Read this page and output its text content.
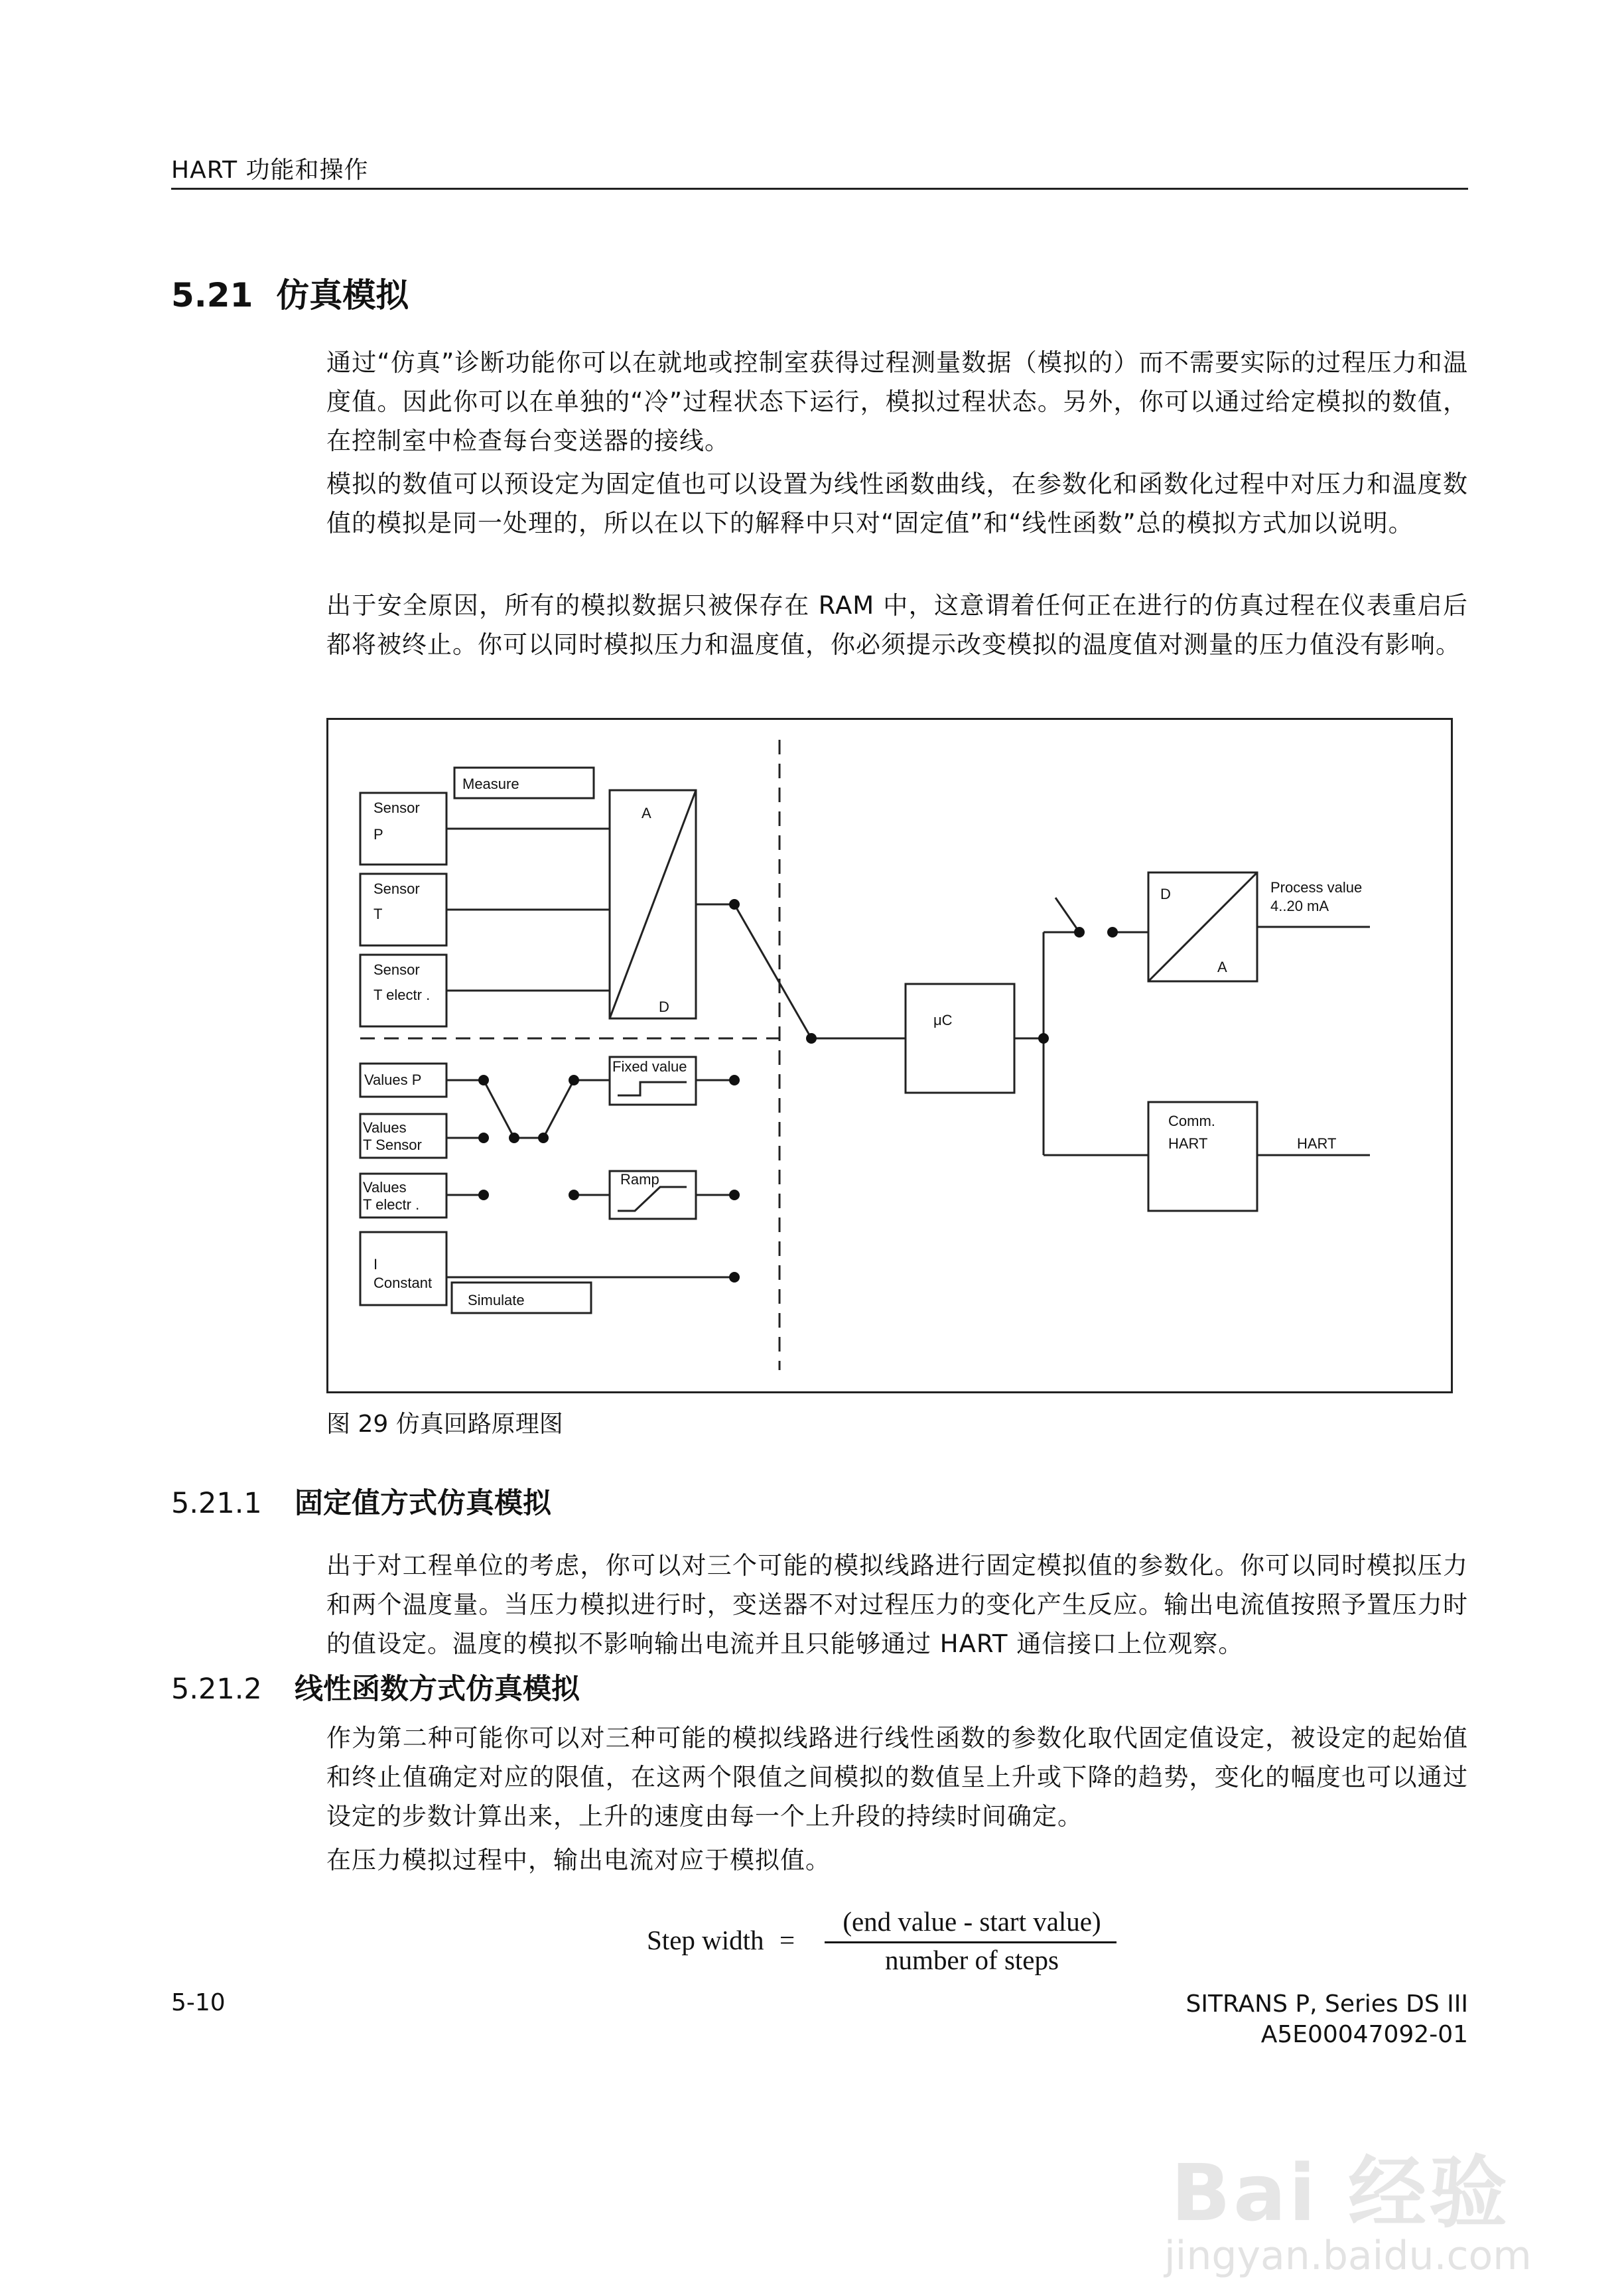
HART 功能和操作
5.21 仿真模拟
通过“仿真”诊断功能你可以在就地或控制室获得过程测量数据（模拟的）而不需要实际的过程压力和温度值。因此你可以在单独的“冷”过程状态下运行，模拟过程状态。另外，你可以通过给定模拟的数值，在控制室中检查每台变送器的接线。
模拟的数值可以预设定为固定值也可以设置为线性函数曲线，在参数化和函数化过程中对压力和温度数值的模拟是同一处理的，所以在以下的解释中只对“固定值”和“线性函数”总的模拟方式加以说明。
出于安全原因，所有的模拟数据只被保存在 RAM 中，这意谓着任何正在进行的仿真过程在仪表重启后都将被终止。你可以同时模拟压力和温度值，你必须提示改变模拟的温度值对测量的压力值没有影响。
Measure
Sensor
P
Sensor
T
Sensor
T electr .
A
D
Values P
Values
T Sensor
Values
T electr .
Fixed value
Ramp
I
Constant
Simulate
μC
D
A
Process value
4..20 mA
Comm.
HART	HART
图 29 仿真回路原理图
5.21.1 固定值方式仿真模拟
出于对工程单位的考虑，你可以对三个可能的模拟线路进行固定模拟值的参数化。你可以同时模拟压力和两个温度量。当压力模拟进行时，变送器不对过程压力的变化产生反应。输出电流值按照予置压力时的值设定。温度的模拟不影响输出电流并且只能够通过 HART 通信接口上位观察。
5.21.2 线性函数方式仿真模拟
作为第二种可能你可以对三种可能的模拟线路进行线性函数的参数化取代固定值设定，被设定的起始值和终止值确定对应的限值，在这两个限值之间模拟的数值呈上升或下降的趋势，变化的幅度也可以通过设定的步数计算出来，上升的速度由每一个上升段的持续时间确定。
在压力模拟过程中，输出电流对应于模拟值。
Step width =
(end value - start value)
number of steps
5-10	SITRANS P, Series DS III
A5E00047092-01
Bai 经验
jingyan.baidu.com
